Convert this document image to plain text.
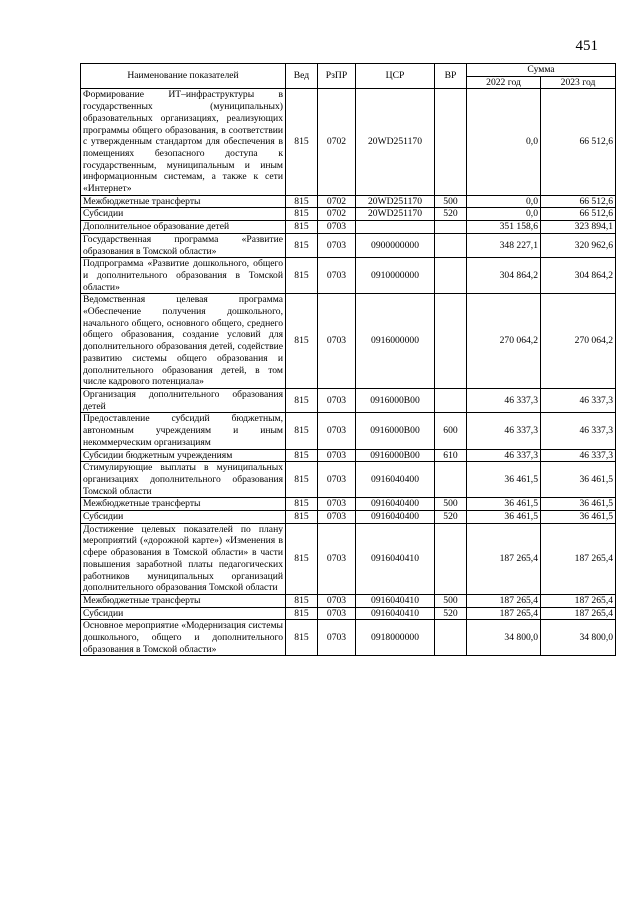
451
Наименование показателей	Вед	РзПР	ЦСР	ВР	Сумма	
					2022 год	2023 год
Формирование ИТ–инфраструктуры в государственных (муниципальных) образовательных организациях, реализующих программы общего образования, в соответствии с утвержденным стандартом для обеспечения в помещениях безопасного доступа к государственным, муниципальным и иным информационным системам, а также к сети «Интернет»	815	0702	20WD251170		0,0	66 512,6
Межбюджетные трансферты	815	0702	20WD251170	500	0,0	66 512,6
Субсидии	815	0702	20WD251170	520	0,0	66 512,6
Дополнительное образование детей	815	0703			351 158,6	323 894,1
Государственная программа «Развитие образования в Томской области»	815	0703	0900000000		348 227,1	320 962,6
Подпрограмма «Развитие дошкольного, общего и дополнительного образования в Томской области»	815	0703	0910000000		304 864,2	304 864,2
Ведомственная целевая программа «Обеспечение получения дошкольного, начального общего, основного общего, среднего общего образования, создание условий для дополнительного образования детей, содействие развитию системы общего образования и дополнительного образования детей, в том числе кадрового потенциала»	815	0703	0916000000		270 064,2	270 064,2
Организация дополнительного образования детей	815	0703	0916000B00		46 337,3	46 337,3
Предоставление субсидий бюджетным, автономным учреждениям и иным некоммерческим организациям	815	0703	0916000B00	600	46 337,3	46 337,3
Субсидии бюджетным учреждениям	815	0703	0916000B00	610	46 337,3	46 337,3
Стимулирующие выплаты в муниципальных организациях дополнительного образования Томской области	815	0703	0916040400		36 461,5	36 461,5
Межбюджетные трансферты	815	0703	0916040400	500	36 461,5	36 461,5
Субсидии	815	0703	0916040400	520	36 461,5	36 461,5
Достижение целевых показателей по плану мероприятий («дорожной карте») «Изменения в сфере образования в Томской области» в части повышения заработной платы педагогических работников муниципальных организаций дополнительного образования Томской области	815	0703	0916040410		187 265,4	187 265,4
Межбюджетные трансферты	815	0703	0916040410	500	187 265,4	187 265,4
Субсидии	815	0703	0916040410	520	187 265,4	187 265,4
Основное мероприятие «Модернизация системы дошкольного, общего и дополнительного образования в Томской области»	815	0703	0918000000		34 800,0	34 800,0
